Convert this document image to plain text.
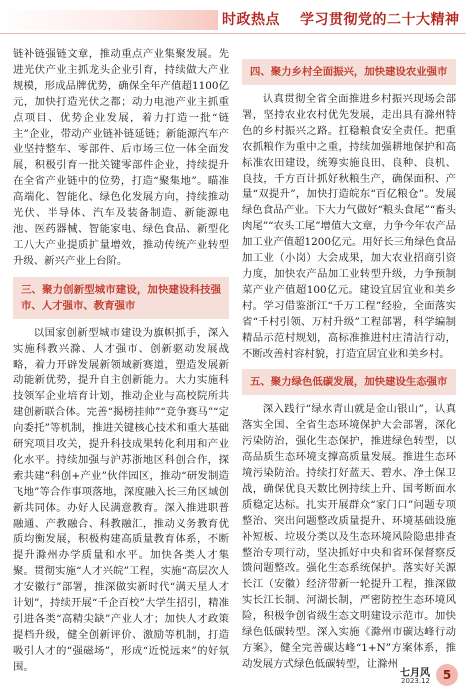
时政热点 学习贯彻党的二十大精神

链补链强链文章，推动重点产业集聚发展。先进光伏产业主抓龙头企业引育，持续做大产业规模，形成品牌优势，确保全年产值超1100亿元，加快打造光伏之都；动力电池产业主抓重点项目、优势企业发展，着力打造一批“链主”企业，带动产业链补链延链；新能源汽车产业坚持整车、零部件、后市场三位一体全面发展，积极引育一批关键零部件企业，持续提升在全省产业链中的位势，打造“聚集地”。瞄准高端化、智能化、绿色化发展方向，持续推动光伏、半导体、汽车及装备制造、新能源电池、医药器械、智能家电、绿色食品、新型化工八大产业提质扩量增效，推动传统产业转型升级、新兴产业上台阶。

三、聚力创新型城市建设，加快建设科技强市、人才强市、教育强市

以国家创新型城市建设为旗帜抓手，深入实施科教兴滁、人才强市、创新驱动发展战略，着力开辟发展新领域新赛道，塑造发展新动能新优势，提升自主创新能力。大力实施科技领军企业培育计划，推动企业与高校院所共建创新联合体。完善“揭榜挂帅”“竞争赛马”“定向委托”等机制，推进关键核心技术和重大基础研究项目攻关，提升科技成果转化利用和产业化水平。持续加强与沪苏浙地区科创合作，探索共建“科创+产业”伙伴园区，推动“研发制造飞地”等合作事项落地，深度融入长三角区域创新共同体。办好人民满意教育。深入推进职普融通、产教融合、科教融汇，推动义务教育优质均衡发展，积极构建高质量教育体系，不断提升滁州办学质量和水平。加快各类人才集聚。贯彻实施“人才兴皖”工程，实施“高层次人才安徽行”部署，推深做实新时代“满天星人才计划”，持续开展“千企百校”大学生招引，精准引进各类“高精尖缺”产业人才；加快人才政策提档升级，健全创新评价、激励等机制，打造吸引人才的“强磁场”，形成“近悦远来”的好氛围。

四、聚力乡村全面振兴，加快建设农业强市

认真贯彻全省全面推进乡村振兴现场会部署，坚持农业农村优先发展，走出具有滁州特色的乡村振兴之路。扛稳粮食安全责任。把重农抓粮作为重中之重，持续加强耕地保护和高标准农田建设，统筹实施良田、良种、良机、良技，千方百计抓好秋粮生产，确保面积、产量“双提升”，加快打造皖东“百亿粮仓”。发展绿色食品产业。下大力气做好“粮头食尾”“畜头肉尾”“农头工尾”增值大文章，力争今年农产品加工业产值超1200亿元。用好长三角绿色食品加工业（小岗）大会成果，加大农业招商引资力度，加快农产品加工业转型升级，力争预制菜产业产值超100亿元。建设宜居宜业和美乡村。学习借鉴浙江“千万工程”经验，全面落实省“千村引领、万村升级”工程部署，科学编制精品示范村规划，高标准推进村庄清洁行动，不断改善村容村貌，打造宜居宜业和美乡村。

五、聚力绿色低碳发展，加快建设生态强市

深入践行“绿水青山就是金山银山”，认真落实全国、全省生态环境保护大会部署，深化污染防治，强化生态保护，推进绿色转型，以高品质生态环境支撑高质量发展。推进生态环境污染防治。持续打好蓝天、碧水、净土保卫战，确保优良天数比例持续上升、国考断面水质稳定达标。扎实开展群众“家门口”问题专项整治、突出问题整改质量提升、环境基础设施补短板、垃圾分类以及生态环境风险隐患排查整治专项行动，坚决抓好中央和省环保督察反馈问题整改。强化生态系统保护。落实好关源长江（安徽）经济带新一轮提升工程，推深做实长江长制、河湖长制，严密防控生态环境风险，积极争创省级生态文明建设示范市。加快绿色低碳转型。深入实施《滁州市碳达峰行动方案》，健全完善碳达峰“1+N”方案体系，推动发展方式绿色低碳转型，让滁州

七月风
2023.12	5
